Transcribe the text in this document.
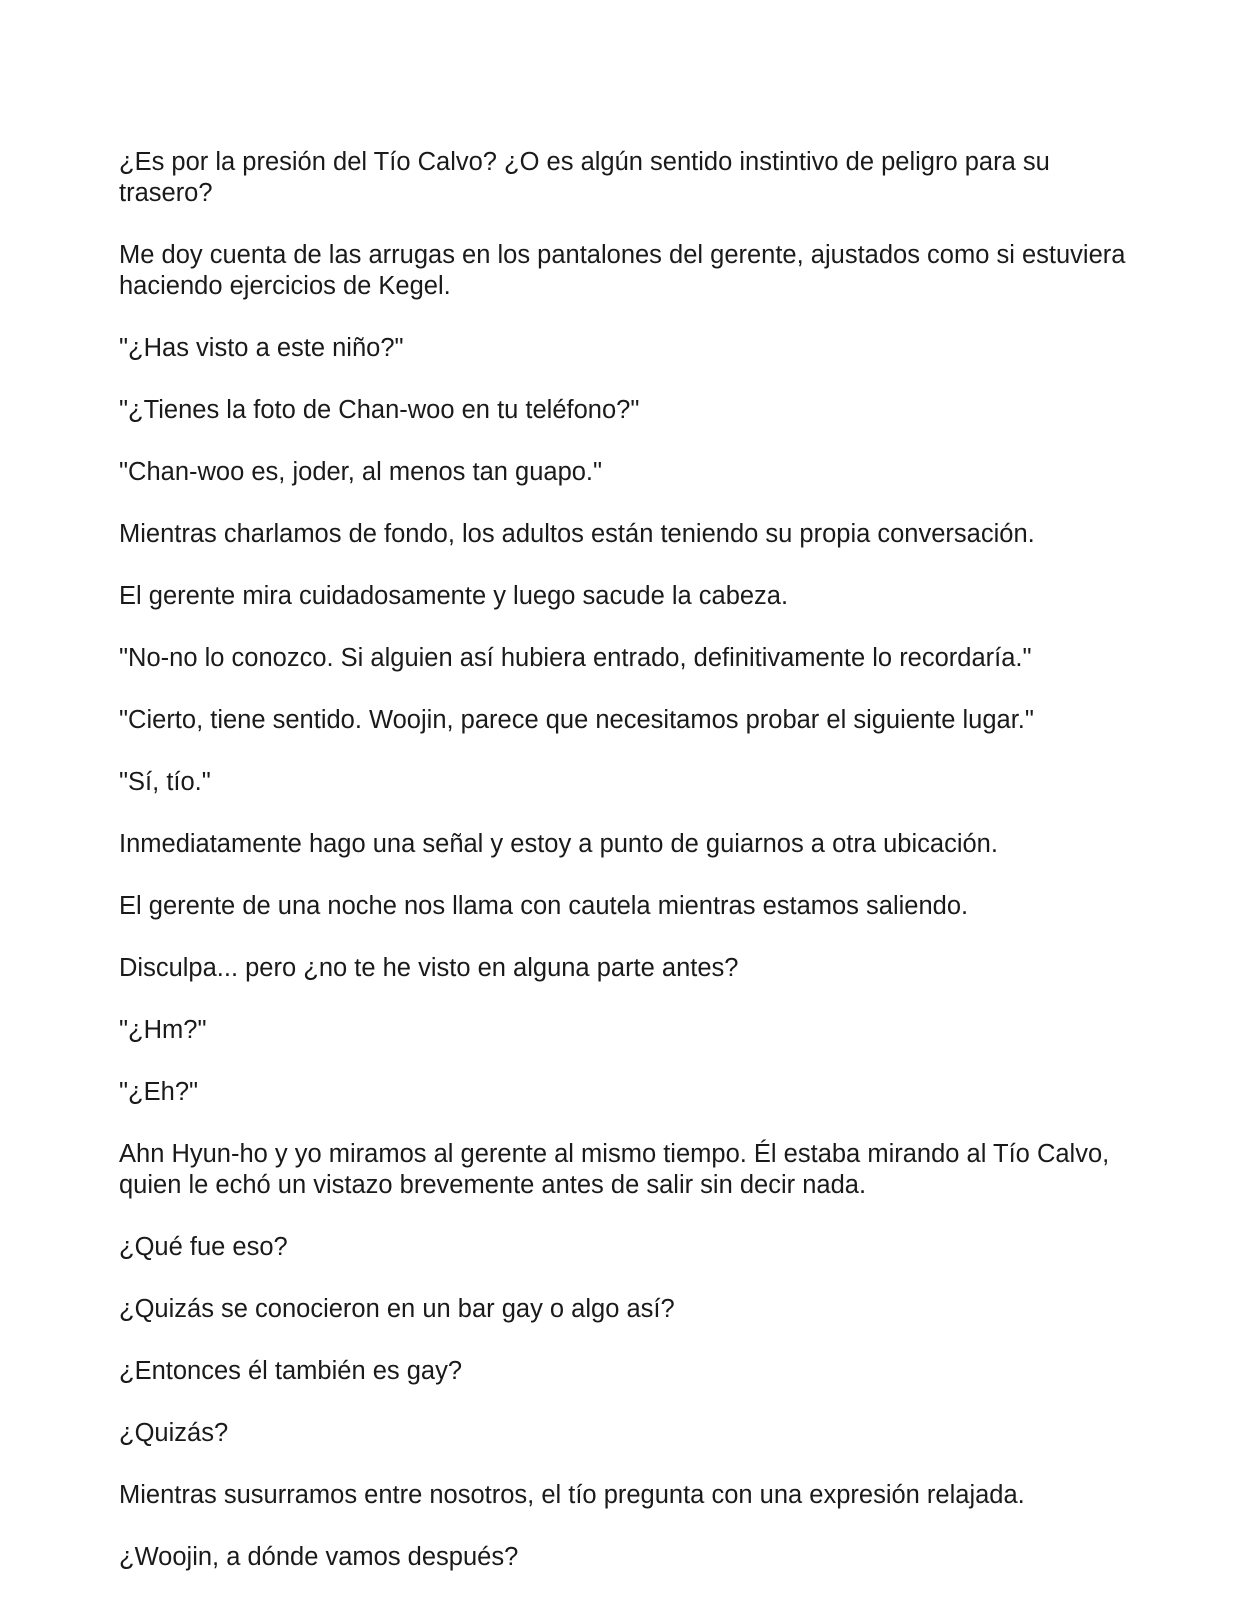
¿Es por la presión del Tío Calvo? ¿O es algún sentido instintivo de peligro para su trasero?

Me doy cuenta de las arrugas en los pantalones del gerente, ajustados como si estuviera haciendo ejercicios de Kegel.

"¿Has visto a este niño?"

"¿Tienes la foto de Chan-woo en tu teléfono?"

"Chan-woo es, joder, al menos tan guapo."

Mientras charlamos de fondo, los adultos están teniendo su propia conversación.

El gerente mira cuidadosamente y luego sacude la cabeza.

"No-no lo conozco. Si alguien así hubiera entrado, definitivamente lo recordaría."

"Cierto, tiene sentido. Woojin, parece que necesitamos probar el siguiente lugar."

"Sí, tío."

Inmediatamente hago una señal y estoy a punto de guiarnos a otra ubicación.

El gerente de una noche nos llama con cautela mientras estamos saliendo.

Disculpa... pero ¿no te he visto en alguna parte antes?

"¿Hm?"

"¿Eh?"

Ahn Hyun-ho y yo miramos al gerente al mismo tiempo. Él estaba mirando al Tío Calvo, quien le echó un vistazo brevemente antes de salir sin decir nada.

¿Qué fue eso?

¿Quizás se conocieron en un bar gay o algo así?

¿Entonces él también es gay?

¿Quizás?

Mientras susurramos entre nosotros, el tío pregunta con una expresión relajada.

¿Woojin, a dónde vamos después?
